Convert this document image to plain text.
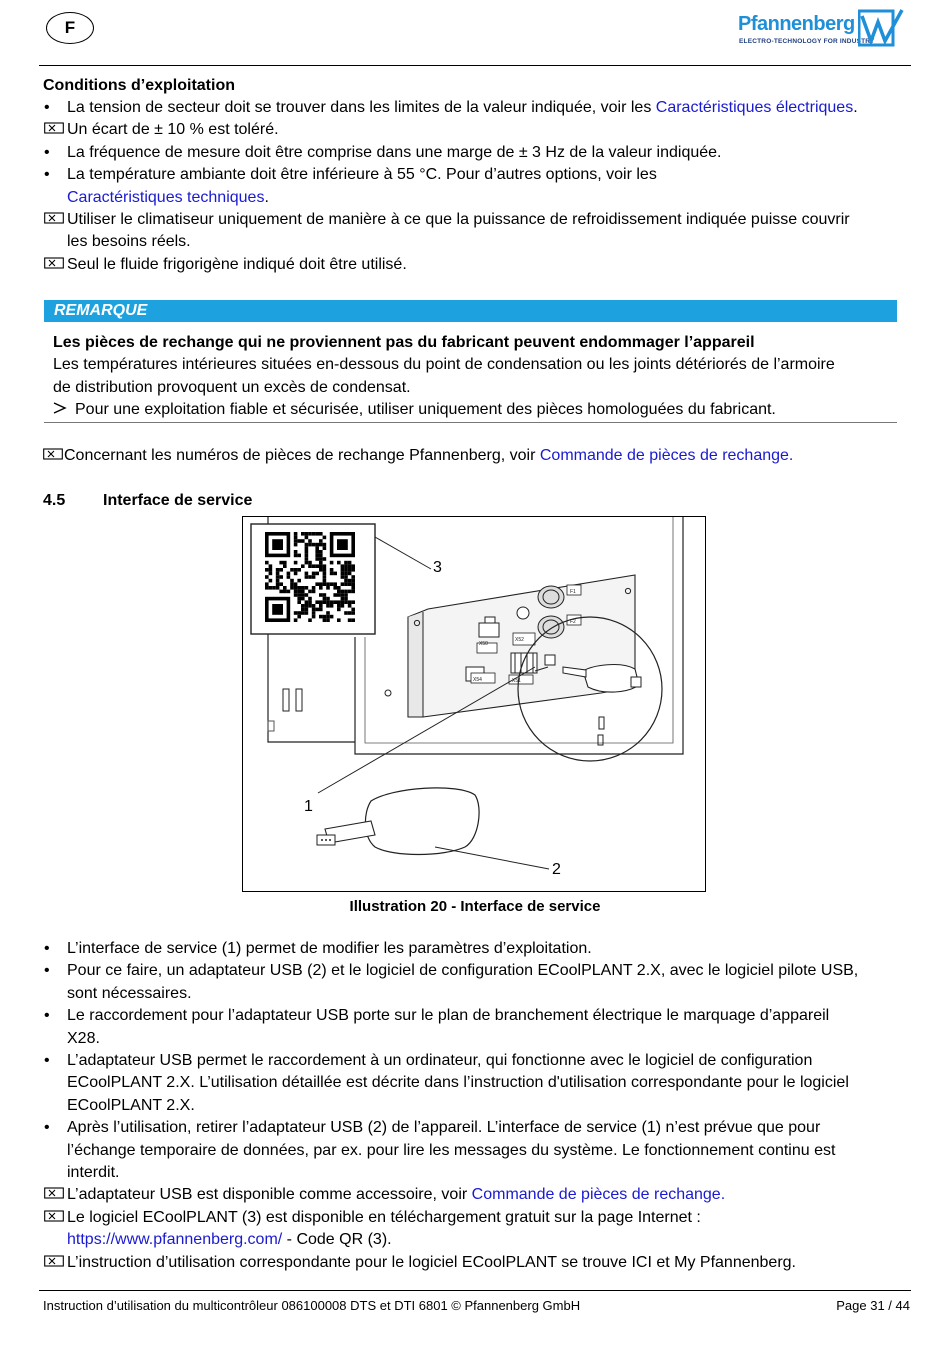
F	Pfannenberg
ELECTRO-TECHNOLOGY FOR INDUSTRY
Conditions d’exploitation
• La tension de secteur doit se trouver dans les limites de la valeur indiquée, voir les Caractéristiques électriques.
Un écart de ± 10 % est toléré.
• La fréquence de mesure doit être comprise dans une marge de ± 3 Hz de la valeur indiquée.
• La température ambiante doit être inférieure à 55 °C. Pour d’autres options, voir les
Caractéristiques techniques.
Utiliser le climatiseur uniquement de manière à ce que la puissance de refroidissement indiquée puisse couvrir
les besoins réels.
Seul le fluide frigorigène indiqué doit être utilisé.
REMARQUE
Les pièces de rechange qui ne proviennent pas du fabricant peuvent endommager l’appareil
Les températures intérieures situées en-dessous du point de condensation ou les joints détériorés de l’armoire
de distribution provoquent un excès de condensat.
Pour une exploitation fiable et sécurisée, utiliser uniquement des pièces homologuées du fabricant.
Concernant les numéros de pièces de rechange Pfannenberg, voir Commande de pièces de rechange.
4.5 Interface de service
X50
X52
X54	X51
F1
F2
1
2
3
Illustration 20 - Interface de service
• L’interface de service (1) permet de modifier les paramètres d’exploitation.
• Pour ce faire, un adaptateur USB (2) et le logiciel de configuration ECoolPLANT 2.X, avec le logiciel pilote USB,
sont nécessaires.
• Le raccordement pour l’adaptateur USB porte sur le plan de branchement électrique le marquage d’appareil
X28.
• L’adaptateur USB permet le raccordement à un ordinateur, qui fonctionne avec le logiciel de configuration
ECoolPLANT 2.X. L’utilisation détaillée est décrite dans l’instruction d'utilisation correspondante pour le logiciel
ECoolPLANT 2.X.
• Après l’utilisation, retirer l’adaptateur USB (2) de l’appareil. L’interface de service (1) n’est prévue que pour
l’échange temporaire de données, par ex. pour lire les messages du système. Le fonctionnement continu est
interdit.
L’adaptateur USB est disponible comme accessoire, voir Commande de pièces de rechange.
Le logiciel ECoolPLANT (3) est disponible en téléchargement gratuit sur la page Internet :
https://www.pfannenberg.com/ - Code QR (3).
L’instruction d’utilisation correspondante pour le logiciel ECoolPLANT se trouve ICI et My Pfannenberg.
Instruction d’utilisation du multicontrôleur 086100008 DTS et DTI 6801 © Pfannenberg GmbH	Page 31 / 44
